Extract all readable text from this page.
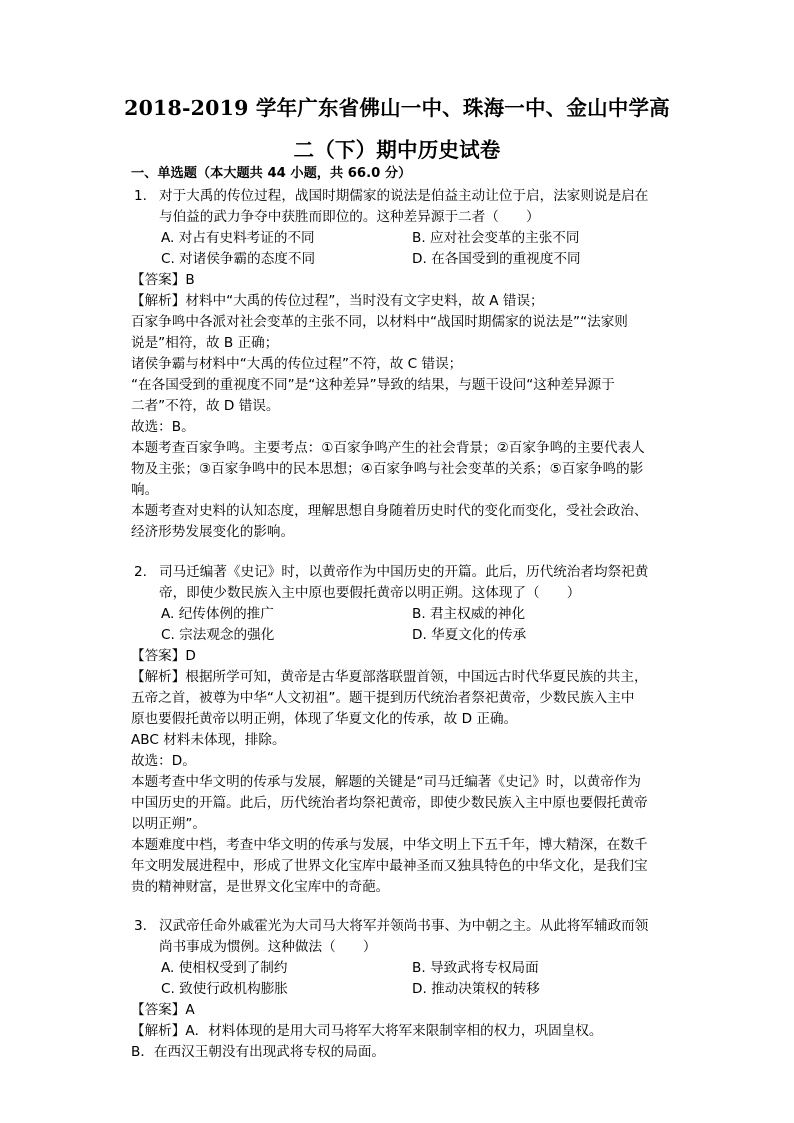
2018-2019 学年广东省佛山一中、珠海一中、金山中学高
二（下）期中历史试卷
一、单选题（本大题共 44 小题，共 66.0 分）
1. 对于大禹的传位过程，战国时期儒家的说法是伯益主动让位于启，法家则说是启在
与伯益的武力争夺中获胜而即位的。这种差异源于二者（　　）
A. 对占有史料考证的不同	B. 应对社会变革的主张不同
C. 对诸侯争霸的态度不同	D. 在各国受到的重视度不同
【答案】B
【解析】材料中“大禹的传位过程”，当时没有文字史料，故 A 错误；
百家争鸣中各派对社会变革的主张不同，以材料中“战国时期儒家的说法是”“法家则
说是”相符，故 B 正确；
诸侯争霸与材料中“大禹的传位过程”不符，故 C 错误；
“在各国受到的重视度不同”是“这种差异”导致的结果，与题干设问“这种差异源于
二者”不符，故 D 错误。
故选：B。
本题考查百家争鸣。主要考点：①百家争鸣产生的社会背景；②百家争鸣的主要代表人
物及主张；③百家争鸣中的民本思想；④百家争鸣与社会变革的关系；⑤百家争鸣的影
响。
本题考查对史料的认知态度，理解思想自身随着历史时代的变化而变化，受社会政治、
经济形势发展变化的影响。
2. 司马迁编著《史记》时，以黄帝作为中国历史的开篇。此后，历代统治者均祭祀黄
帝，即使少数民族入主中原也要假托黄帝以明正朔。这体现了（　　）
A. 纪传体例的推广	B. 君主权威的神化
C. 宗法观念的强化	D. 华夏文化的传承
【答案】D
【解析】根据所学可知，黄帝是古华夏部落联盟首领，中国远古时代华夏民族的共主，
五帝之首，被尊为中华“人文初祖”。题干提到历代统治者祭祀黄帝，少数民族入主中
原也要假托黄帝以明正朔，体现了华夏文化的传承，故 D 正确。
ABC 材料未体现，排除。
故选：D。
本题考查中华文明的传承与发展，解题的关键是“司马迁编著《史记》时，以黄帝作为
中国历史的开篇。此后，历代统治者均祭祀黄帝，即使少数民族入主中原也要假托黄帝
以明正朔”。
本题难度中档，考查中华文明的传承与发展，中华文明上下五千年，博大精深，在数千
年文明发展进程中，形成了世界文化宝库中最神圣而又独具特色的中华文化，是我们宝
贵的精神财富，是世界文化宝库中的奇葩。
3. 汉武帝任命外戚霍光为大司马大将军并领尚书事、为中朝之主。从此将军辅政而领
尚书事成为惯例。这种做法（　　）
A. 使相权受到了制约	B. 导致武将专权局面
C. 致使行政机构膨胀	D. 推动决策权的转移
【答案】A
【解析】A．材料体现的是用大司马将军大将军来限制宰相的权力，巩固皇权。
B．在西汉王朝没有出现武将专权的局面。
